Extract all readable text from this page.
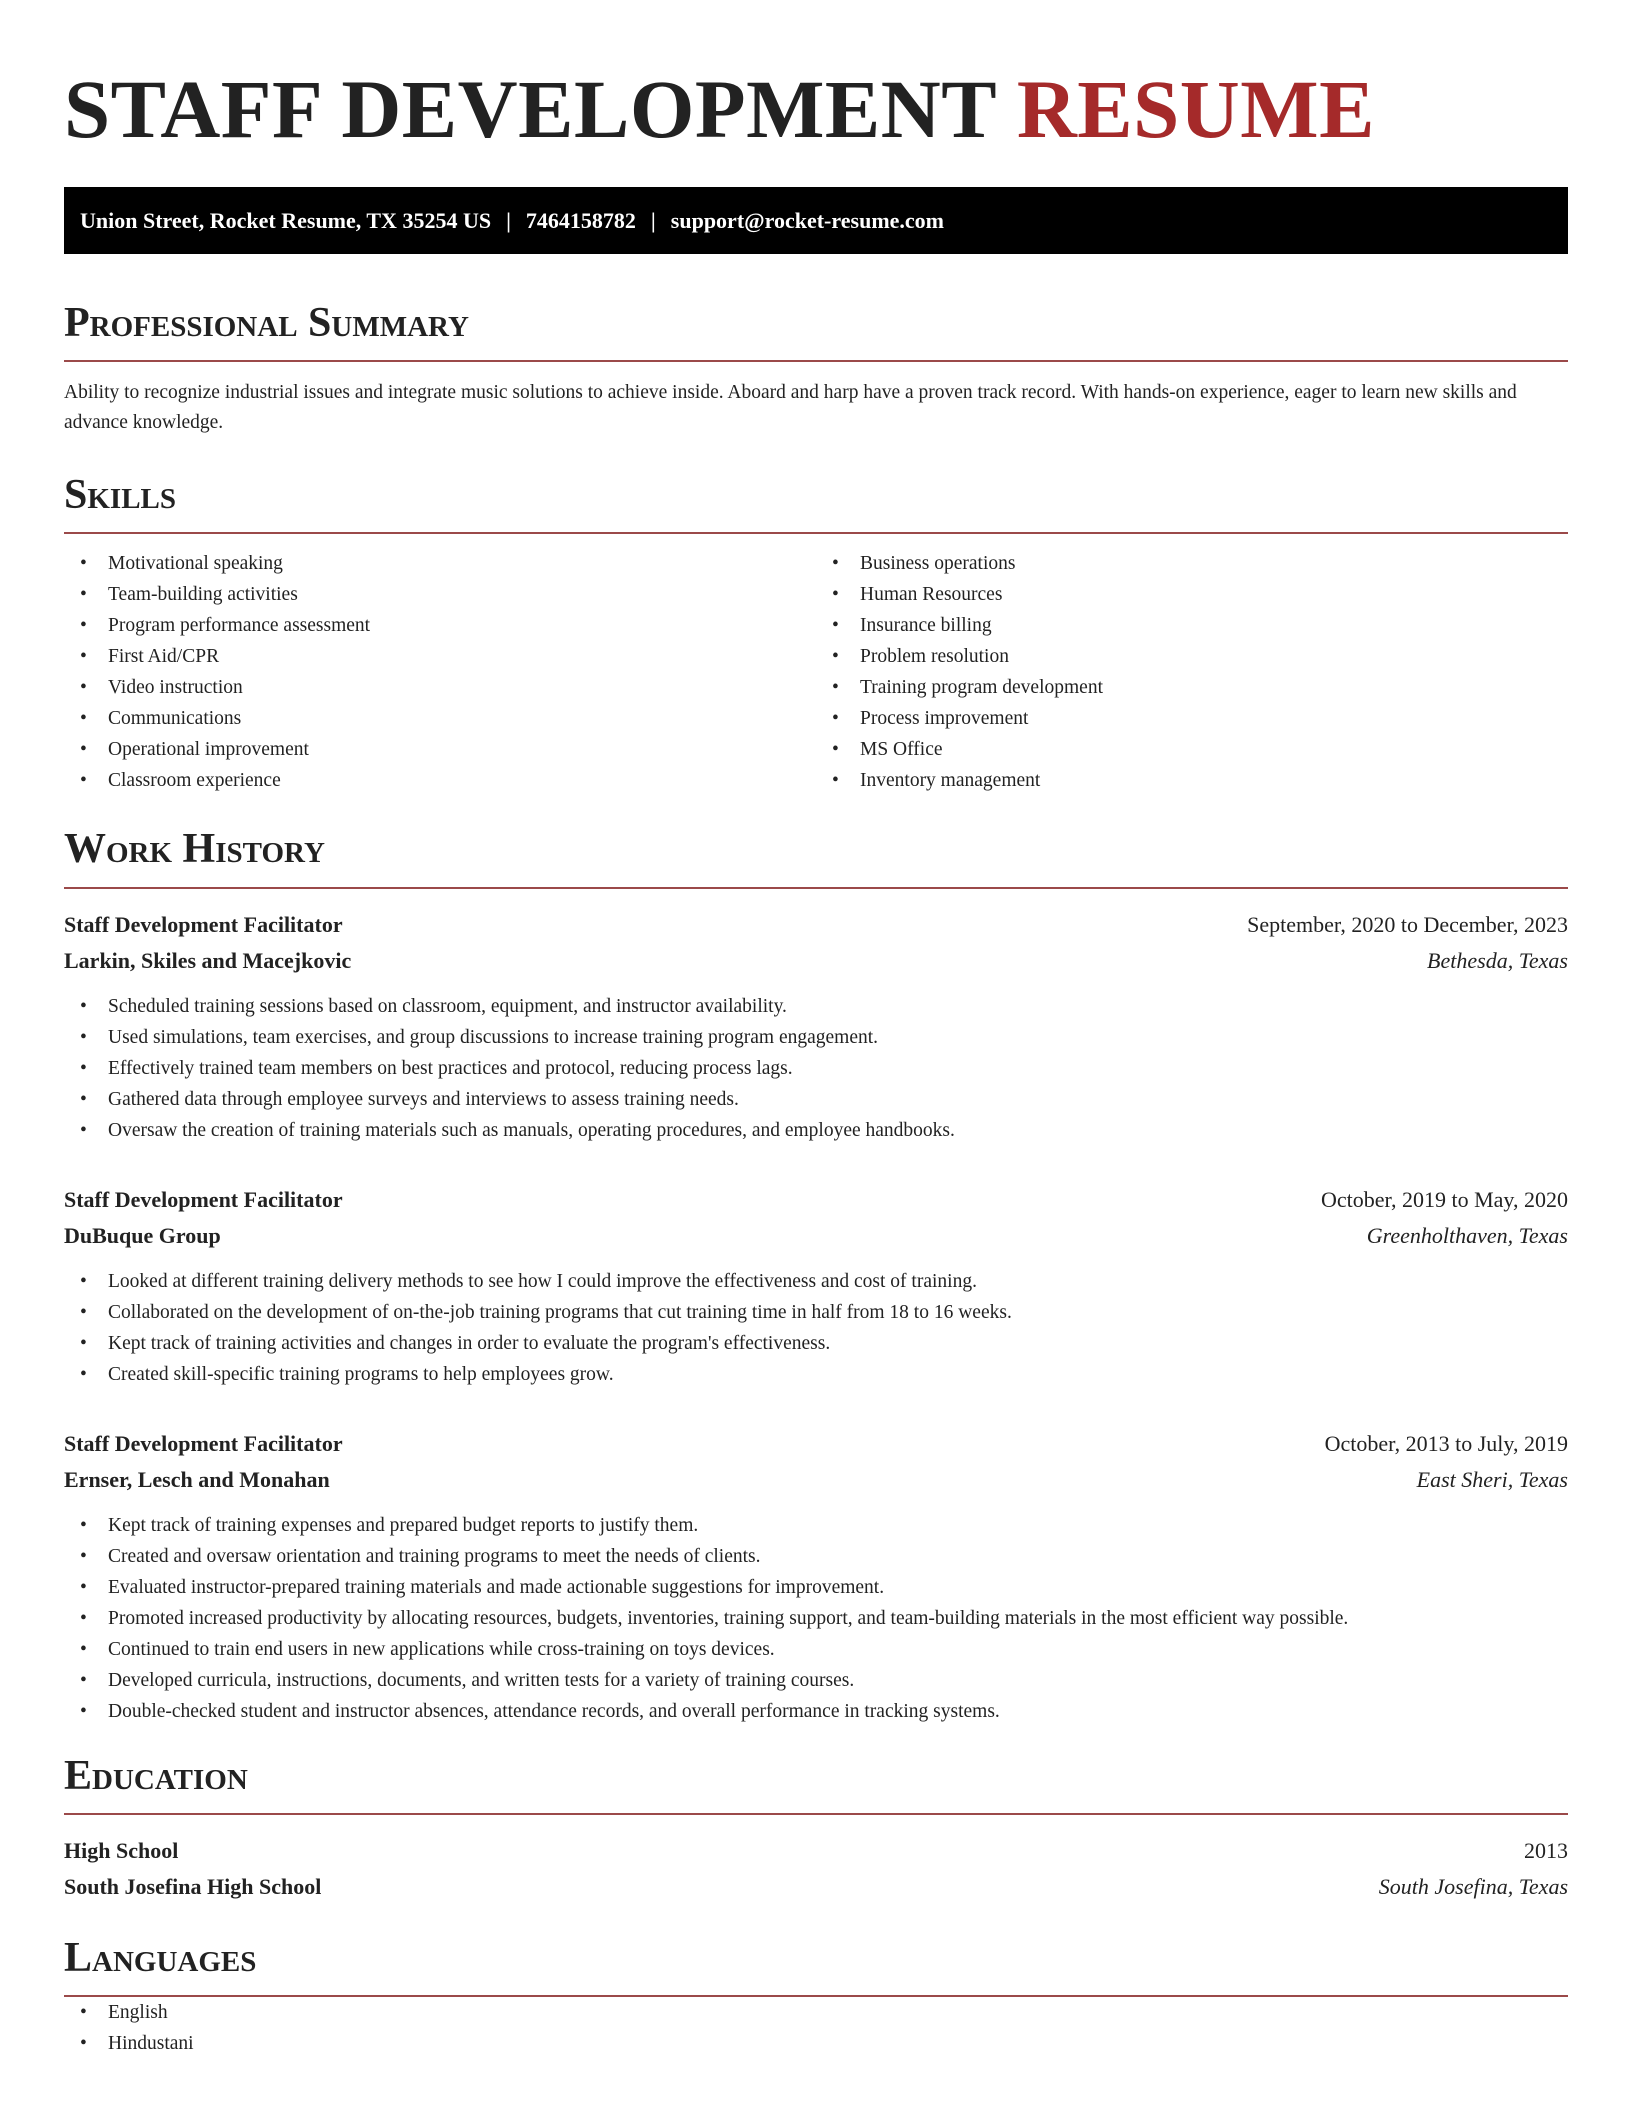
STAFF DEVELOPMENT RESUME
Union Street, Rocket Resume, TX 35254 US | 7464158782 | support@rocket-resume.com
Professional Summary

Ability to recognize industrial issues and integrate music solutions to achieve inside. Aboard and harp have a proven track record. With hands-on experience, eager to learn new skills and advance knowledge.

Skills
• Motivational speaking
• Team-building activities
• Program performance assessment
• First Aid/CPR
• Video instruction
• Communications
• Operational improvement
• Classroom experience
• Business operations
• Human Resources
• Insurance billing
• Problem resolution
• Training program development
• Process improvement
• MS Office
• Inventory management
Work History
Staff Development Facilitator	September, 2020 to December, 2023
Larkin, Skiles and Macejkovic	Bethesda, Texas
• Scheduled training sessions based on classroom, equipment, and instructor availability.
• Used simulations, team exercises, and group discussions to increase training program engagement.
• Effectively trained team members on best practices and protocol, reducing process lags.
• Gathered data through employee surveys and interviews to assess training needs.
• Oversaw the creation of training materials such as manuals, operating procedures, and employee handbooks.
Staff Development Facilitator	October, 2019 to May, 2020
DuBuque Group	Greenholthaven, Texas
• Looked at different training delivery methods to see how I could improve the effectiveness and cost of training.
• Collaborated on the development of on-the-job training programs that cut training time in half from 18 to 16 weeks.
• Kept track of training activities and changes in order to evaluate the program's effectiveness.
• Created skill-specific training programs to help employees grow.
Staff Development Facilitator	October, 2013 to July, 2019
Ernser, Lesch and Monahan	East Sheri, Texas
• Kept track of training expenses and prepared budget reports to justify them.
• Created and oversaw orientation and training programs to meet the needs of clients.
• Evaluated instructor-prepared training materials and made actionable suggestions for improvement.
• Promoted increased productivity by allocating resources, budgets, inventories, training support, and team-building materials in the most efficient way possible.
• Continued to train end users in new applications while cross-training on toys devices.
• Developed curricula, instructions, documents, and written tests for a variety of training courses.
• Double-checked student and instructor absences, attendance records, and overall performance in tracking systems.
Education
High School	2013
South Josefina High School	South Josefina, Texas
Languages
• English
• Hindustani
